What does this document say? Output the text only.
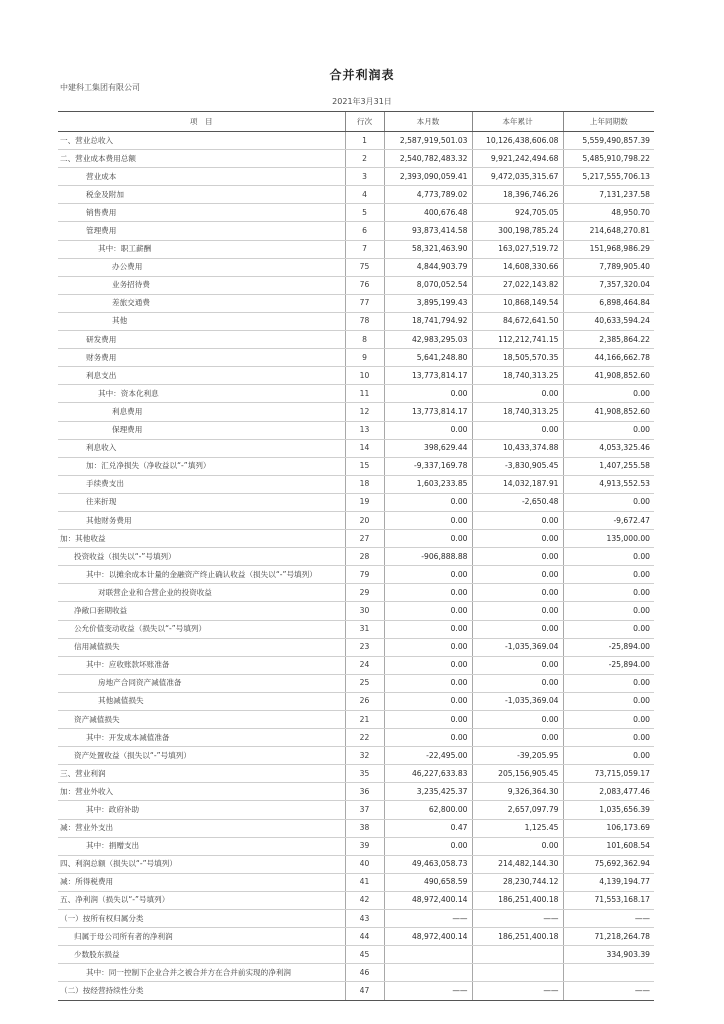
合并利润表
中建科工集团有限公司
2021年3月31日
项　目	行次	本月数	本年累计	上年同期数
一、营业总收入	1	2,587,919,501.03	10,126,438,606.08	5,559,490,857.39
二、营业成本费用总额	2	2,540,782,483.32	9,921,242,494.68	5,485,910,798.22
营业成本	3	2,393,090,059.41	9,472,035,315.67	5,217,555,706.13
税金及附加	4	4,773,789.02	18,396,746.26	7,131,237.58
销售费用	5	400,676.48	924,705.05	48,950.70
管理费用	6	93,873,414.58	300,198,785.24	214,648,270.81
其中：职工薪酬	7	58,321,463.90	163,027,519.72	151,968,986.29
办公费用	75	4,844,903.79	14,608,330.66	7,789,905.40
业务招待费	76	8,070,052.54	27,022,143.82	7,357,320.04
差旅交通费	77	3,895,199.43	10,868,149.54	6,898,464.84
其他	78	18,741,794.92	84,672,641.50	40,633,594.24
研发费用	8	42,983,295.03	112,212,741.15	2,385,864.22
财务费用	9	5,641,248.80	18,505,570.35	44,166,662.78
利息支出	10	13,773,814.17	18,740,313.25	41,908,852.60
其中：资本化利息	11	0.00	0.00	0.00
利息费用	12	13,773,814.17	18,740,313.25	41,908,852.60
保理费用	13	0.00	0.00	0.00
利息收入	14	398,629.44	10,433,374.88	4,053,325.46
加：汇兑净损失（净收益以“-”填列）	15	-9,337,169.78	-3,830,905.45	1,407,255.58
手续费支出	18	1,603,233.85	14,032,187.91	4,913,552.53
往来折现	19	0.00	-2,650.48	0.00
其他财务费用	20	0.00	0.00	-9,672.47
加：其他收益	27	0.00	0.00	135,000.00
投资收益（损失以“-”号填列）	28	-906,888.88	0.00	0.00
其中：以摊余成本计量的金融资产终止确认收益（损失以“-”号填列）	79	0.00	0.00	0.00
对联营企业和合营企业的投资收益	29	0.00	0.00	0.00
净敞口套期收益	30	0.00	0.00	0.00
公允价值变动收益（损失以“-”号填列）	31	0.00	0.00	0.00
信用减值损失	23	0.00	-1,035,369.04	-25,894.00
其中：应收账款坏账准备	24	0.00	0.00	-25,894.00
房地产合同资产减值准备	25	0.00	0.00	0.00
其他减值损失	26	0.00	-1,035,369.04	0.00
资产减值损失	21	0.00	0.00	0.00
其中：开发成本减值准备	22	0.00	0.00	0.00
资产处置收益（损失以“-”号填列）	32	-22,495.00	-39,205.95	0.00
三、营业利润	35	46,227,633.83	205,156,905.45	73,715,059.17
加：营业外收入	36	3,235,425.37	9,326,364.30	2,083,477.46
其中：政府补助	37	62,800.00	2,657,097.79	1,035,656.39
减：营业外支出	38	0.47	1,125.45	106,173.69
其中：捐赠支出	39	0.00	0.00	101,608.54
四、利润总额（损失以“-”号填列）	40	49,463,058.73	214,482,144.30	75,692,362.94
减：所得税费用	41	490,658.59	28,230,744.12	4,139,194.77
五、净利润（损失以“-”号填列）	42	48,972,400.14	186,251,400.18	71,553,168.17
（一）按所有权归属分类	43	——	——	——
归属于母公司所有者的净利润	44	48,972,400.14	186,251,400.18	71,218,264.78
少数股东损益	45			334,903.39
其中：同一控制下企业合并之被合并方在合并前实现的净利润	46			
（二）按经营持续性分类	47	——	——	——
